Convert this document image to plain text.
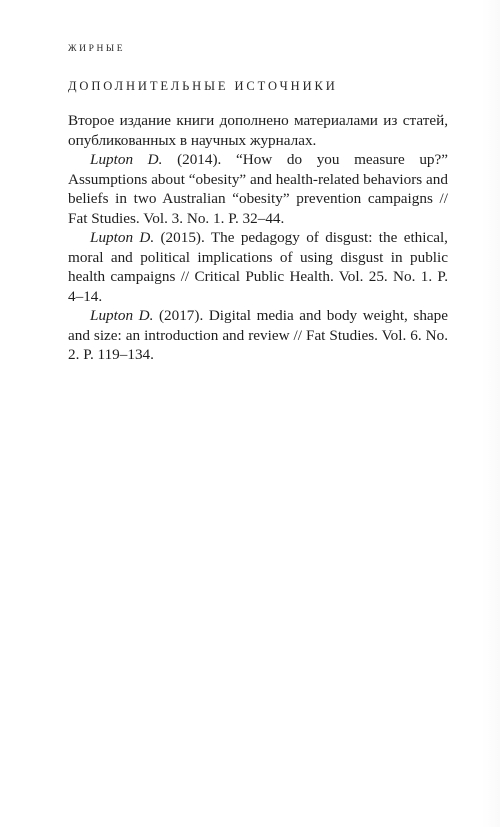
ЖИРНЫЕ
ДОПОЛНИТЕЛЬНЫЕ ИСТОЧНИКИ

Второе издание книги дополнено материалами из статей, опубликованных в научных журналах.

Lupton D. (2014). “How do you measure up?” Assumptions about “obesity” and health-related behaviors and beliefs in two Australian “obesity” prevention campaigns // Fat Studies. Vol. 3. No. 1. P. 32–44.

Lupton D. (2015). The pedagogy of disgust: the ethical, moral and political implications of using disgust in public health campaigns // Critical Public Health. Vol. 25. No. 1. P. 4–14.

Lupton D. (2017). Digital media and body weight, shape and size: an introduction and review // Fat Studies. Vol. 6. No. 2. P. 119–134.
